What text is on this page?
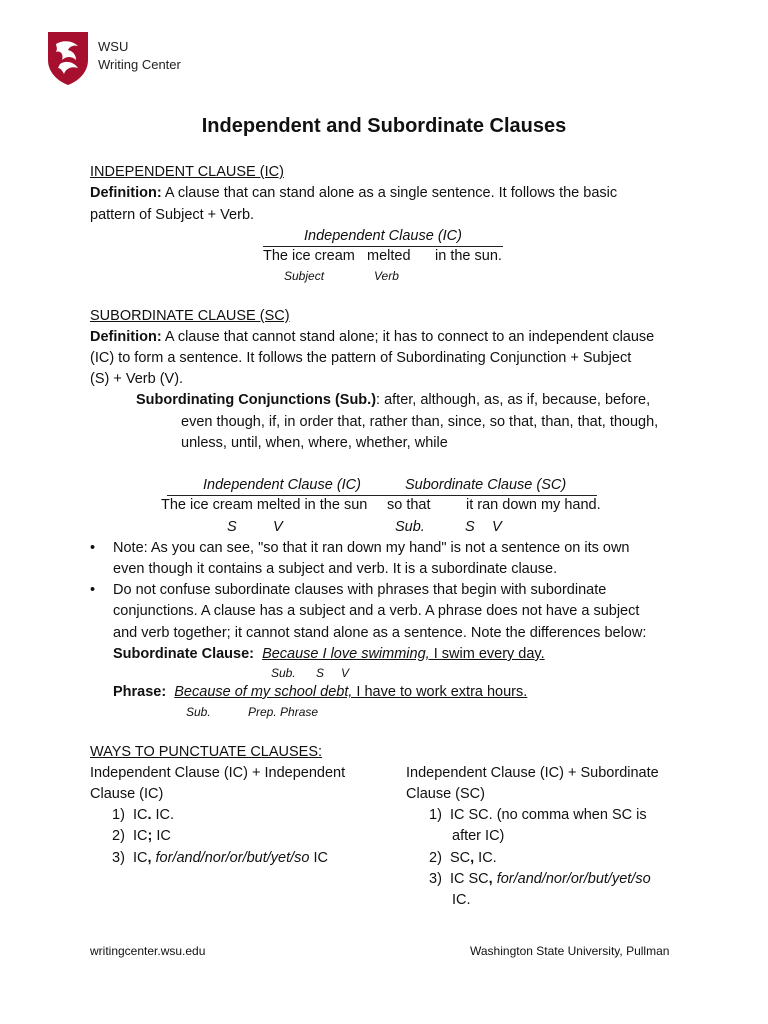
WSU
Writing Center
Independent and Subordinate Clauses
INDEPENDENT CLAUSE (IC)
Definition: A clause that can stand alone as a single sentence. It follows the basic
pattern of Subject + Verb.
Independent Clause (IC)
The ice cream melted in the sun.
Subject	Verb
SUBORDINATE CLAUSE (SC)
Definition: A clause that cannot stand alone; it has to connect to an independent clause
(IC) to form a sentence. It follows the pattern of Subordinating Conjunction + Subject
(S) + Verb (V).
Subordinating Conjunctions (Sub.): after, although, as, as if, because, before,
even though, if, in order that, rather than, since, so that, than, that, though,
unless, until, when, where, whether, while
Independent Clause (IC)	Subordinate Clause (SC)
The ice cream melted in the sun so that it ran down my hand.
S	V	Sub.	S V
• Note: As you can see, "so that it ran down my hand" is not a sentence on its own
even though it contains a subject and verb. It is a subordinate clause.
• Do not confuse subordinate clauses with phrases that begin with subordinate
conjunctions. A clause has a subject and a verb. A phrase does not have a subject
and verb together; it cannot stand alone as a sentence. Note the differences below:
Subordinate Clause: Because I love swimming, I swim every day.
Sub. S V
Phrase: Because of my school debt, I have to work extra hours.
Sub.	Prep. Phrase
WAYS TO PUNCTUATE CLAUSES:
Independent Clause (IC) + Independent
Clause (IC)
1) IC. IC.
2) IC; IC
3) IC, for/and/nor/or/but/yet/so IC
Independent Clause (IC) + Subordinate
Clause (SC)
1) IC SC. (no comma when SC is
after IC)
2) SC, IC.
3) IC SC, for/and/nor/or/but/yet/so
IC.
writingcenter.wsu.edu	Washington State University, Pullman
